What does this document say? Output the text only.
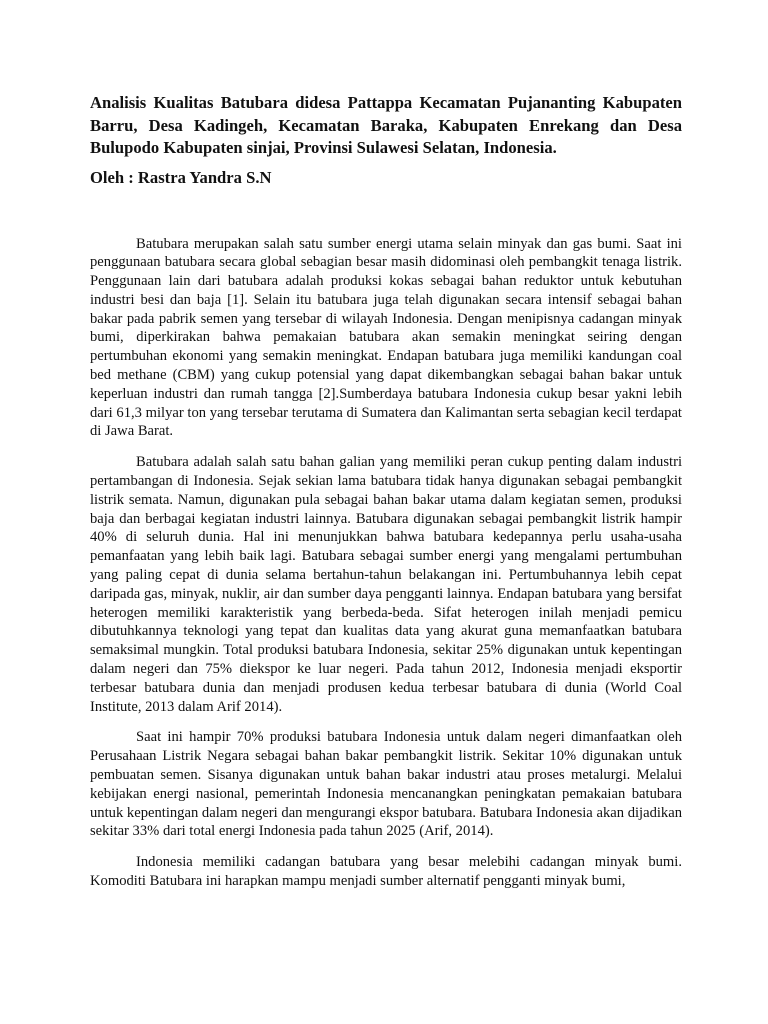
Analisis Kualitas Batubara didesa Pattappa Kecamatan Pujananting Kabupaten Barru, Desa Kadingeh, Kecamatan Baraka, Kabupaten Enrekang dan Desa Bulupodo Kabupaten sinjai, Provinsi Sulawesi Selatan, Indonesia.

Oleh : Rastra Yandra S.N

Batubara merupakan salah satu sumber energi utama selain minyak dan gas bumi. Saat ini penggunaan batubara secara global sebagian besar masih didominasi oleh pembangkit tenaga listrik. Penggunaan lain dari batubara adalah produksi kokas sebagai bahan reduktor untuk kebutuhan industri besi dan baja [1]. Selain itu batubara juga telah digunakan secara intensif sebagai bahan bakar pada pabrik semen yang tersebar di wilayah Indonesia. Dengan menipisnya cadangan minyak bumi, diperkirakan bahwa pemakaian batubara akan semakin meningkat seiring dengan pertumbuhan ekonomi yang semakin meningkat. Endapan batubara juga memiliki kandungan coal bed methane (CBM) yang cukup potensial yang dapat dikembangkan sebagai bahan bakar untuk keperluan industri dan rumah tangga [2].Sumberdaya batubara Indonesia cukup besar yakni lebih dari 61,3 milyar ton yang tersebar terutama di Sumatera dan Kalimantan serta sebagian kecil terdapat di Jawa Barat.

Batubara adalah salah satu bahan galian yang memiliki peran cukup penting dalam industri pertambangan di Indonesia. Sejak sekian lama batubara tidak hanya digunakan sebagai pembangkit listrik semata. Namun, digunakan pula sebagai bahan bakar utama dalam kegiatan semen, produksi baja dan berbagai kegiatan industri lainnya. Batubara digunakan sebagai pembangkit listrik hampir 40% di seluruh dunia. Hal ini menunjukkan bahwa batubara kedepannya perlu usaha-usaha pemanfaatan yang lebih baik lagi. Batubara sebagai sumber energi yang mengalami pertumbuhan yang paling cepat di dunia selama bertahun-tahun belakangan ini. Pertumbuhannya lebih cepat daripada gas, minyak, nuklir, air dan sumber daya pengganti lainnya. Endapan batubara yang bersifat heterogen memiliki karakteristik yang berbeda-beda. Sifat heterogen inilah menjadi pemicu dibutuhkannya teknologi yang tepat dan kualitas data yang akurat guna memanfaatkan batubara semaksimal mungkin. Total produksi batubara Indonesia, sekitar 25% digunakan untuk kepentingan dalam negeri dan 75% diekspor ke luar negeri. Pada tahun 2012, Indonesia menjadi eksportir terbesar batubara dunia dan menjadi produsen kedua terbesar batubara di dunia (World Coal Institute, 2013 dalam Arif 2014).

Saat ini hampir 70% produksi batubara Indonesia untuk dalam negeri dimanfaatkan oleh Perusahaan Listrik Negara sebagai bahan bakar pembangkit listrik. Sekitar 10% digunakan untuk pembuatan semen. Sisanya digunakan untuk bahan bakar industri atau proses metalurgi. Melalui kebijakan energi nasional, pemerintah Indonesia mencanangkan peningkatan pemakaian batubara untuk kepentingan dalam negeri dan mengurangi ekspor batubara. Batubara Indonesia akan dijadikan sekitar 33% dari total energi Indonesia pada tahun 2025 (Arif, 2014).

Indonesia memiliki cadangan batubara yang besar melebihi cadangan minyak bumi. Komoditi Batubara ini harapkan mampu menjadi sumber alternatif pengganti minyak bumi,
